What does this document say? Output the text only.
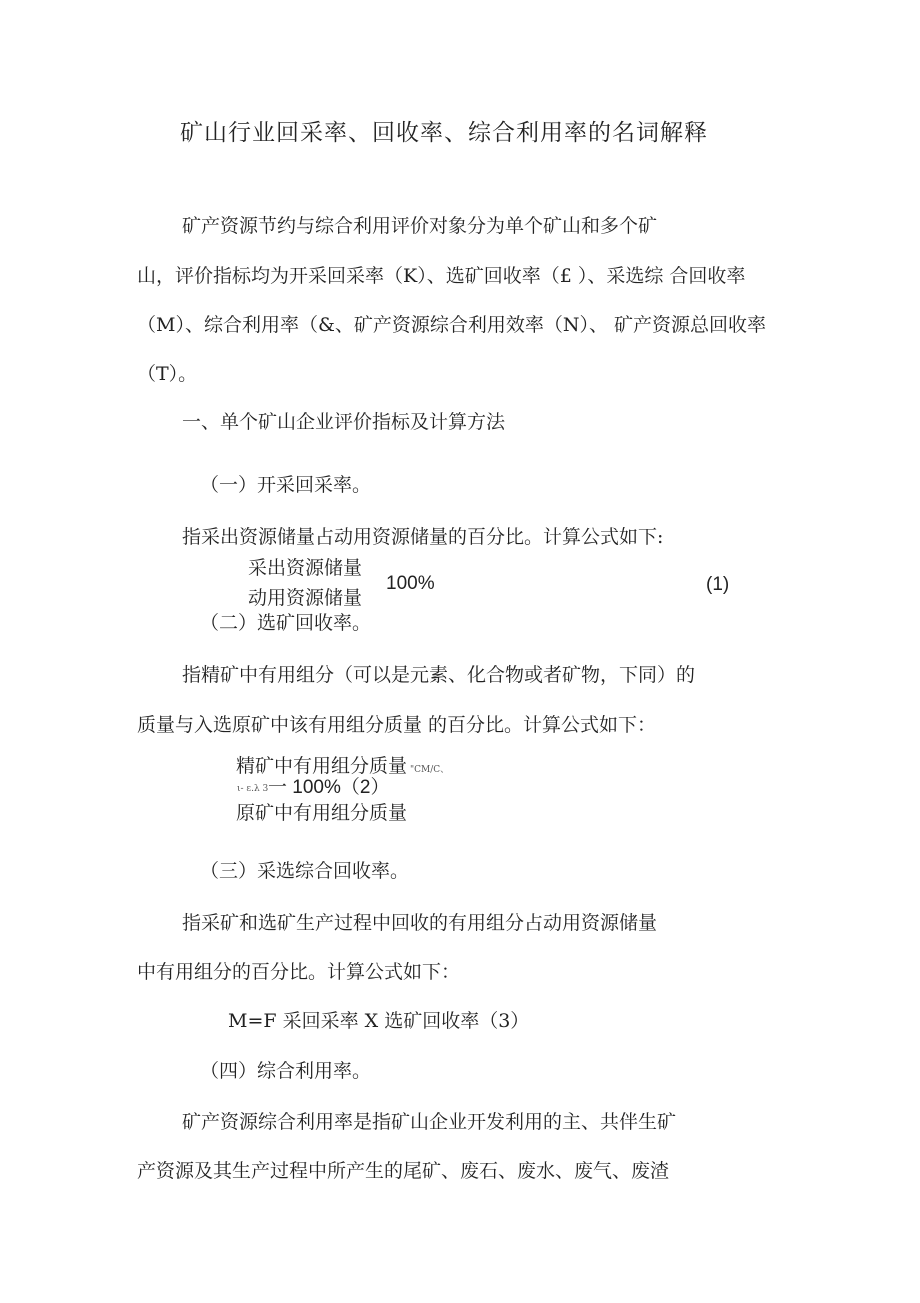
矿山行业回采率、回收率、综合利用率的名词解释
矿产资源节约与综合利用评价对象分为单个矿山和多个矿
山，评价指标均为开采回采率（K）、选矿回收率（£ ）、采选综 合回收率
（M）、综合利用率（&、矿产资源综合利用效率（N）、 矿产资源总回收率
（T）。
一、单个矿山企业评价指标及计算方法
（一）开采回采率。
指采出资源储量占动用资源储量的百分比。计算公式如下:
采出资源储量
100%	(1)
动用资源储量
（二）选矿回收率。
指精矿中有用组分（可以是元素、化合物或者矿物，下同）的
质量与入选原矿中该有用组分质量 的百分比。计算公式如下：
精矿中有用组分质量 "CM/C、
ι- ε.λ 3 一 100%（2）
原矿中有用组分质量
（三）采选综合回收率。
指采矿和选矿生产过程中回收的有用组分占动用资源储量
中有用组分的百分比。计算公式如下：
M=F 采回采率 X 选矿回收率（3）
（四）综合利用率。
矿产资源综合利用率是指矿山企业开发利用的主、共伴生矿
产资源及其生产过程中所产生的尾矿、废石、废水、废气、废渣
